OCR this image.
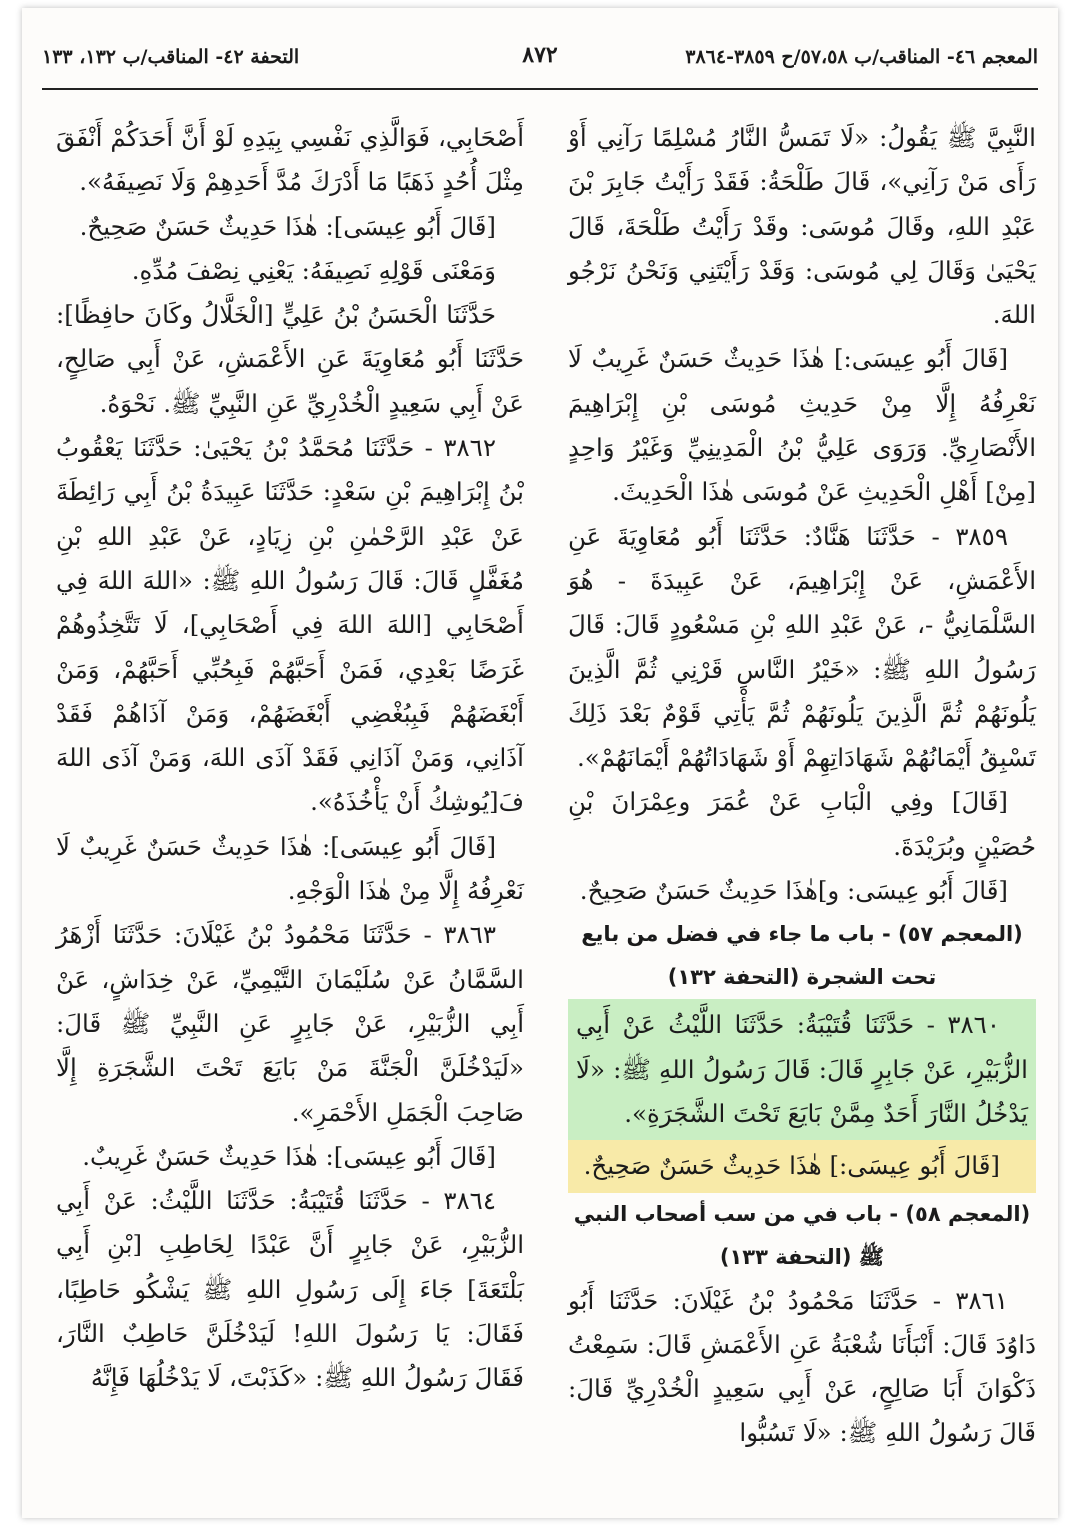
المعجم ٤٦- المناقب/ب ٥٧،٥٨/ح ٣٨٥٩-٣٨٦٤
٨٧٢
التحفة ٤٢- المناقب/ب ١٣٢، ١٣٣

النَّبِيَّ ﷺ يَقُولُ: «لَا تَمَسُّ النَّارُ مُسْلِمًا رَآنِي أَوْ رَأَى مَنْ رَآنِي»، قَالَ طَلْحَةُ: فَقَدْ رَأَيْتُ جَابِرَ بْنَ عَبْدِ اللهِ، وقَالَ مُوسَى: وقَدْ رَأَيْتُ طَلْحَةَ، قَالَ يَحْيَىٰ وَقَالَ لِي مُوسَى: وَقَدْ رَأَيْتَنِي وَنَحْنُ نَرْجُو اللهَ.

[قَالَ أَبُو عِيسَى:] هٰذَا حَدِيثٌ حَسَنٌ غَرِيبٌ لَا نَعْرِفُهُ إِلَّا مِنْ حَدِيثِ مُوسَى بْنِ إِبْرَاهِيمَ الأَنْصَارِيِّ. وَرَوَى عَلِيُّ بْنُ الْمَدِينِيِّ وَغَيْرُ وَاحِدٍ [مِنْ] أَهْلِ الْحَدِيثِ عَنْ مُوسَى هٰذَا الْحَدِيثَ.

٣٨٥٩ - حَدَّثَنَا هَنَّادٌ: حَدَّثَنَا أَبُو مُعَاوِيَةَ عَنِ الأَعْمَشِ، عَنْ إِبْرَاهِيمَ، عَنْ عَبِيدَةَ - هُوَ السَّلْمَانِيُّ -، عَنْ عَبْدِ اللهِ بْنِ مَسْعُودٍ قَالَ: قَالَ رَسُولُ اللهِ ﷺ: «خَيْرُ النَّاسِ قَرْنِي ثُمَّ الَّذِينَ يَلُونَهُمْ ثُمَّ الَّذِينَ يَلُونَهُمْ ثُمَّ يَأْتِي قَوْمٌ بَعْدَ ذَلِكَ تَسْبِقُ أَيْمَانُهُمْ شَهَادَاتِهِمْ أَوْ شَهَادَاتُهُمْ أَيْمَانَهُمْ».

[قَالَ] وفِي الْبَابِ عَنْ عُمَرَ وعِمْرَانَ بْنِ حُصَيْنٍ وبُرَيْدَةَ.

[قَالَ أَبُو عِيسَى: و]هٰذَا حَدِيثٌ حَسَنٌ صَحِيحٌ.

(المعجم ٥٧) - باب ما جاء في فضل من بايع تحت الشجرة (التحفة ١٣٢)

٣٨٦٠ - حَدَّثَنَا قُتَيْبَةُ: حَدَّثَنَا اللَّيْثُ عَنْ أَبِي الزُّبَيْرِ، عَنْ جَابِرٍ قَالَ: قَالَ رَسُولُ اللهِ ﷺ: «لَا يَدْخُلُ النَّارَ أَحَدٌ مِمَّنْ بَايَعَ تَحْتَ الشَّجَرَةِ».

[قَالَ أَبُو عِيسَى:] هٰذَا حَدِيثٌ حَسَنٌ صَحِيحٌ.

(المعجم ٥٨) - باب في من سب أصحاب النبي ﷺ (التحفة ١٣٣)

٣٨٦١ - حَدَّثَنَا مَحْمُودُ بْنُ غَيْلَانَ: حَدَّثَنَا أَبُو دَاوُدَ قَالَ: أَنْبَأَنَا شُعْبَةُ عَنِ الأَعْمَشِ قَالَ: سَمِعْتُ ذَكْوَانَ أَبَا صَالِحٍ، عَنْ أَبِي سَعِيدٍ الْخُدْرِيِّ قَالَ: قَالَ رَسُولُ اللهِ ﷺ: «لَا تَسُبُّوا

أَصْحَابِي، فَوَالَّذِي نَفْسِي بِيَدِهِ لَوْ أَنَّ أَحَدَكُمْ أَنْفَقَ مِثْلَ أُحُدٍ ذَهَبًا مَا أَدْرَكَ مُدَّ أَحَدِهِمْ وَلَا نَصِيفَهُ».

[قَالَ أَبُو عِيسَى]: هٰذَا حَدِيثٌ حَسَنٌ صَحِيحٌ.

وَمَعْنَى قَوْلِهِ نَصِيفَهُ: يَعْنِي نِصْفَ مُدِّهِ.

حَدَّثَنَا الْحَسَنُ بْنُ عَلِيٍّ [الْخَلَّالُ وكَانَ حافِظًا]: حَدَّثَنَا أَبُو مُعَاوِيَةَ عَنِ الأَعْمَشِ، عَنْ أَبِي صَالِحٍ، عَنْ أَبِي سَعِيدٍ الْخُدْرِيِّ عَنِ النَّبِيِّ ﷺ. نَحْوَهُ.

٣٨٦٢ - حَدَّثَنَا مُحَمَّدُ بْنُ يَحْيَىٰ: حَدَّثَنَا يَعْقُوبُ بْنُ إِبْرَاهِيمَ بْنِ سَعْدٍ: حَدَّثَنَا عَبِيدَةُ بْنُ أَبِي رَائِطَةَ عَنْ عَبْدِ الرَّحْمٰنِ بْنِ زِيَادٍ، عَنْ عَبْدِ اللهِ بْنِ مُغَفَّلٍ قَالَ: قَالَ رَسُولُ اللهِ ﷺ: «اللهَ اللهَ فِي أَصْحَابِي [اللهَ اللهَ فِي أَصْحَابِي]، لَا تَتَّخِذُوهُمْ غَرَضًا بَعْدِي، فَمَنْ أَحَبَّهُمْ فَبِحُبِّي أَحَبَّهُمْ، وَمَنْ أَبْغَضَهُمْ فَبِبُغْضِي أَبْغَضَهُمْ، وَمَنْ آذَاهُمْ فَقَدْ آذَانِي، وَمَنْ آذَانِي فَقَدْ آذَى اللهَ، وَمَنْ آذَى اللهَ فَ[يُوشِكُ أَنْ يَأْخُذَهُ».

[قَالَ أَبُو عِيسَى]: هٰذَا حَدِيثٌ حَسَنٌ غَرِيبٌ لَا نَعْرِفُهُ إِلَّا مِنْ هٰذَا الْوَجْهِ.

٣٨٦٣ - حَدَّثَنَا مَحْمُودُ بْنُ غَيْلَانَ: حَدَّثَنَا أَزْهَرُ السَّمَّانُ عَنْ سُلَيْمَانَ التَّيْمِيِّ، عَنْ خِدَاشٍ، عَنْ أَبِي الزُّبَيْرِ، عَنْ جَابِرٍ عَنِ النَّبِيِّ ﷺ قَالَ: «لَيَدْخُلَنَّ الْجَنَّةَ مَنْ بَايَعَ تَحْتَ الشَّجَرَةِ إِلَّا صَاحِبَ الْجَمَلِ الأَحْمَرِ».

[قَالَ أَبُو عِيسَى]: هٰذَا حَدِيثٌ حَسَنٌ غَرِيبٌ.

٣٨٦٤ - حَدَّثَنَا قُتَيْبَةُ: حَدَّثَنَا اللَّيْثُ: عَنْ أَبِي الزُّبَيْرِ، عَنْ جَابِرٍ أَنَّ عَبْدًا لِحَاطِبِ [بْنِ أَبِي بَلْتَعَةَ] جَاءَ إِلَى رَسُولِ اللهِ ﷺ يَشْكُو حَاطِبًا، فَقَالَ: يَا رَسُولَ اللهِ! لَيَدْخُلَنَّ حَاطِبٌ النَّارَ، فَقَالَ رَسُولُ اللهِ ﷺ: «كَذَبْتَ، لَا يَدْخُلُهَا فَإِنَّهُ
